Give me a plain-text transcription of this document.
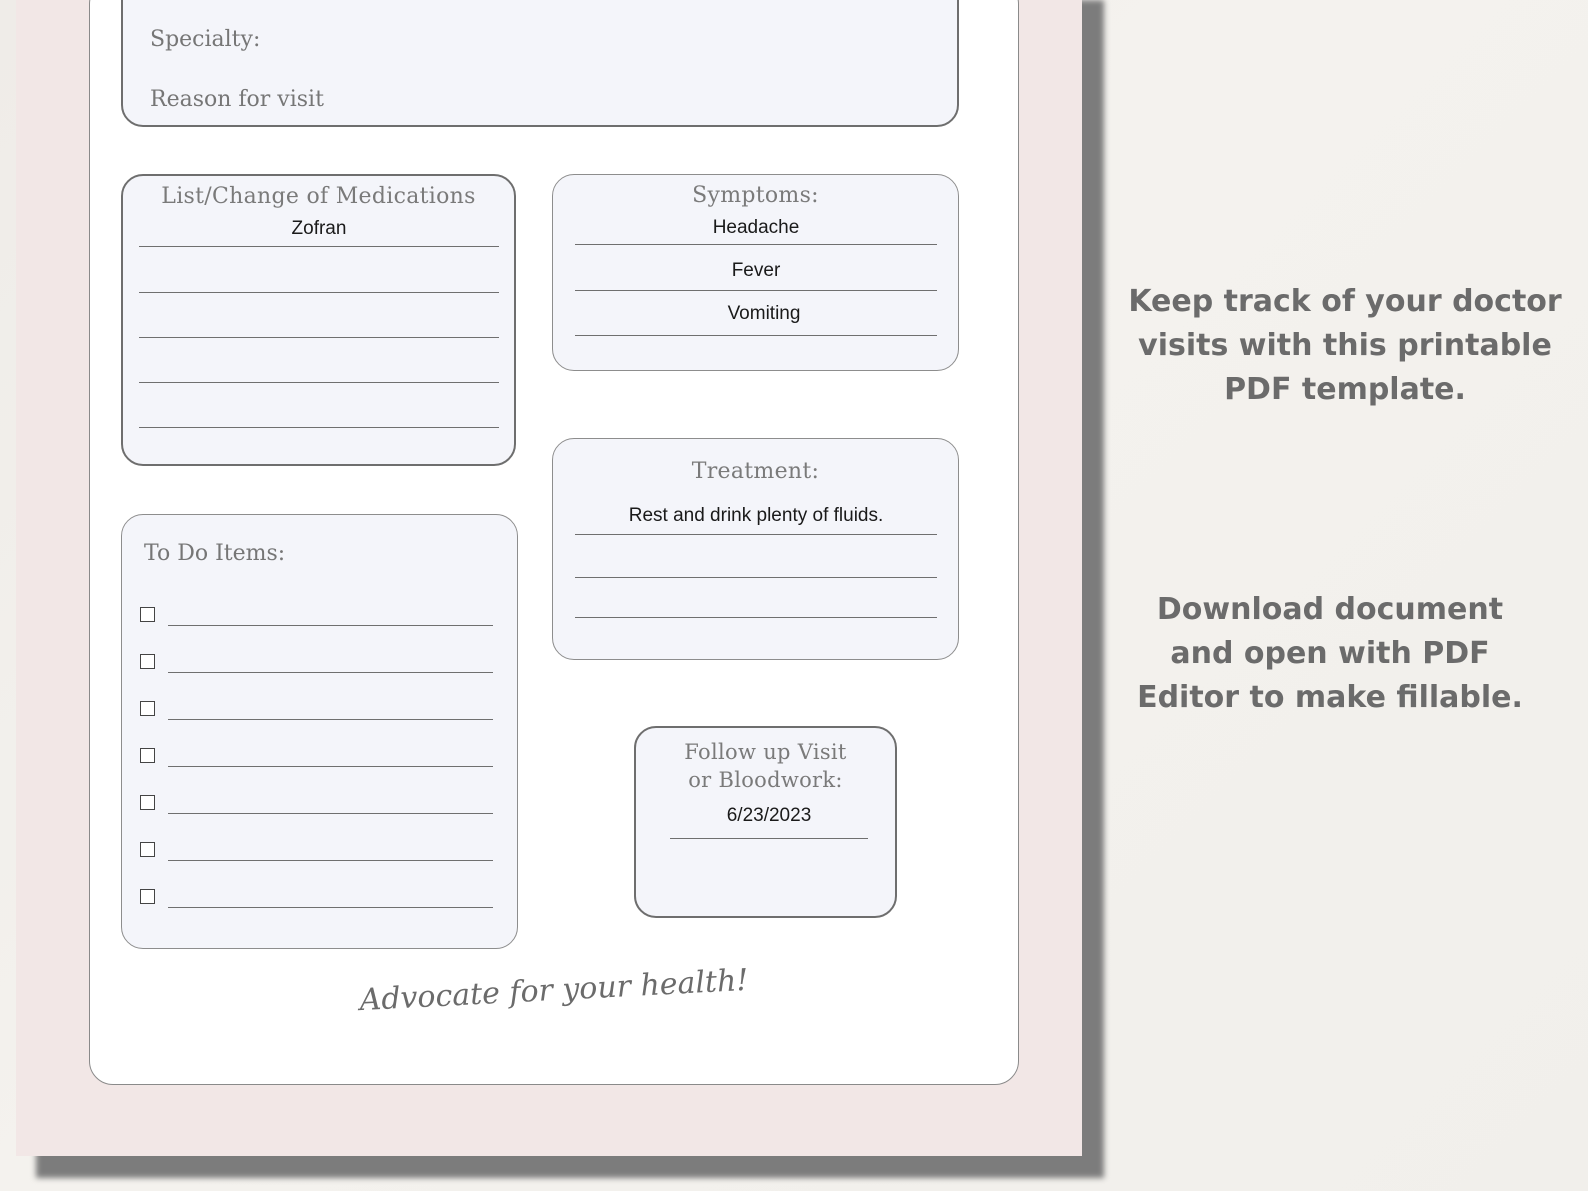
Specialty:
Reason for visit
List/Change of Medications
Zofran
Symptoms:
Headache
Fever
Vomiting
Treatment:
Rest and drink plenty of fluids.
To Do Items:
Follow up Visit
or Bloodwork:
6/23/2023
Advocate for your health!
Keep track of your doctor visits with this printable PDF template.
Download document and open with PDF Editor to make fillable.
